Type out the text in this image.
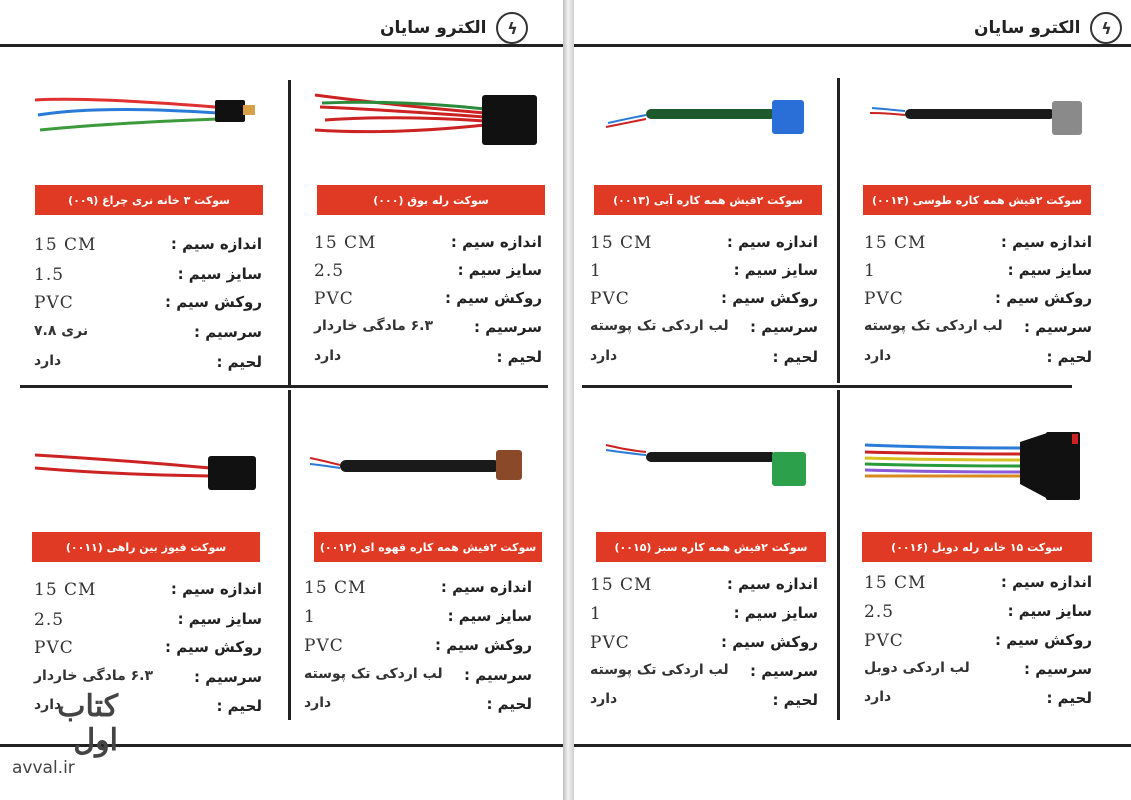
ϟ
الکترو سایان
سوکت ۳ خانه نری چراغ (۰۰۹)
اندازه سیم :
15 CM
سایز سیم :
1.5
روکش سیم :
PVC
سرسیم :
نری ۷.۸
لحیم :
دارد
سوکت رله بوق (۰۰۰)
اندازه سیم :
15 CM
سایز سیم :
2.5
روکش سیم :
PVC
سرسیم :
۶.۳ مادگی خاردار
لحیم :
دارد
سوکت فیوز بین راهی (۰۰۱۱)
اندازه سیم :
15 CM
سایز سیم :
2.5
روکش سیم :
PVC
سرسیم :
۶.۳ مادگی خاردار
لحیم :
دارد
سوکت ۲فیش همه کاره قهوه ای (۰۰۱۲)
اندازه سیم :
15 CM
سایز سیم :
1
روکش سیم :
PVC
سرسیم :
لب اردکی تک پوسته
لحیم :
دارد
کتاب اول
avval.ir
ϟ
الکترو سایان
سوکت ۲فیش همه کاره آبی (۰۰۱۳)
اندازه سیم :
15 CM
سایز سیم :
1
روکش سیم :
PVC
سرسیم :
لب اردکی تک پوسته
لحیم :
دارد
سوکت ۲فیش همه کاره طوسی (۰۰۱۴)
اندازه سیم :
15 CM
سایز سیم :
1
روکش سیم :
PVC
سرسیم :
لب اردکی تک پوسته
لحیم :
دارد
سوکت ۲فیش همه کاره سبز (۰۰۱۵)
اندازه سیم :
15 CM
سایز سیم :
1
روکش سیم :
PVC
سرسیم :
لب اردکی تک پوسته
لحیم :
دارد
سوکت ۱۵ خانه رله دوبل (۰۰۱۶)
اندازه سیم :
15 CM
سایز سیم :
2.5
روکش سیم :
PVC
سرسیم :
لب اردکی دوبل
لحیم :
دارد
